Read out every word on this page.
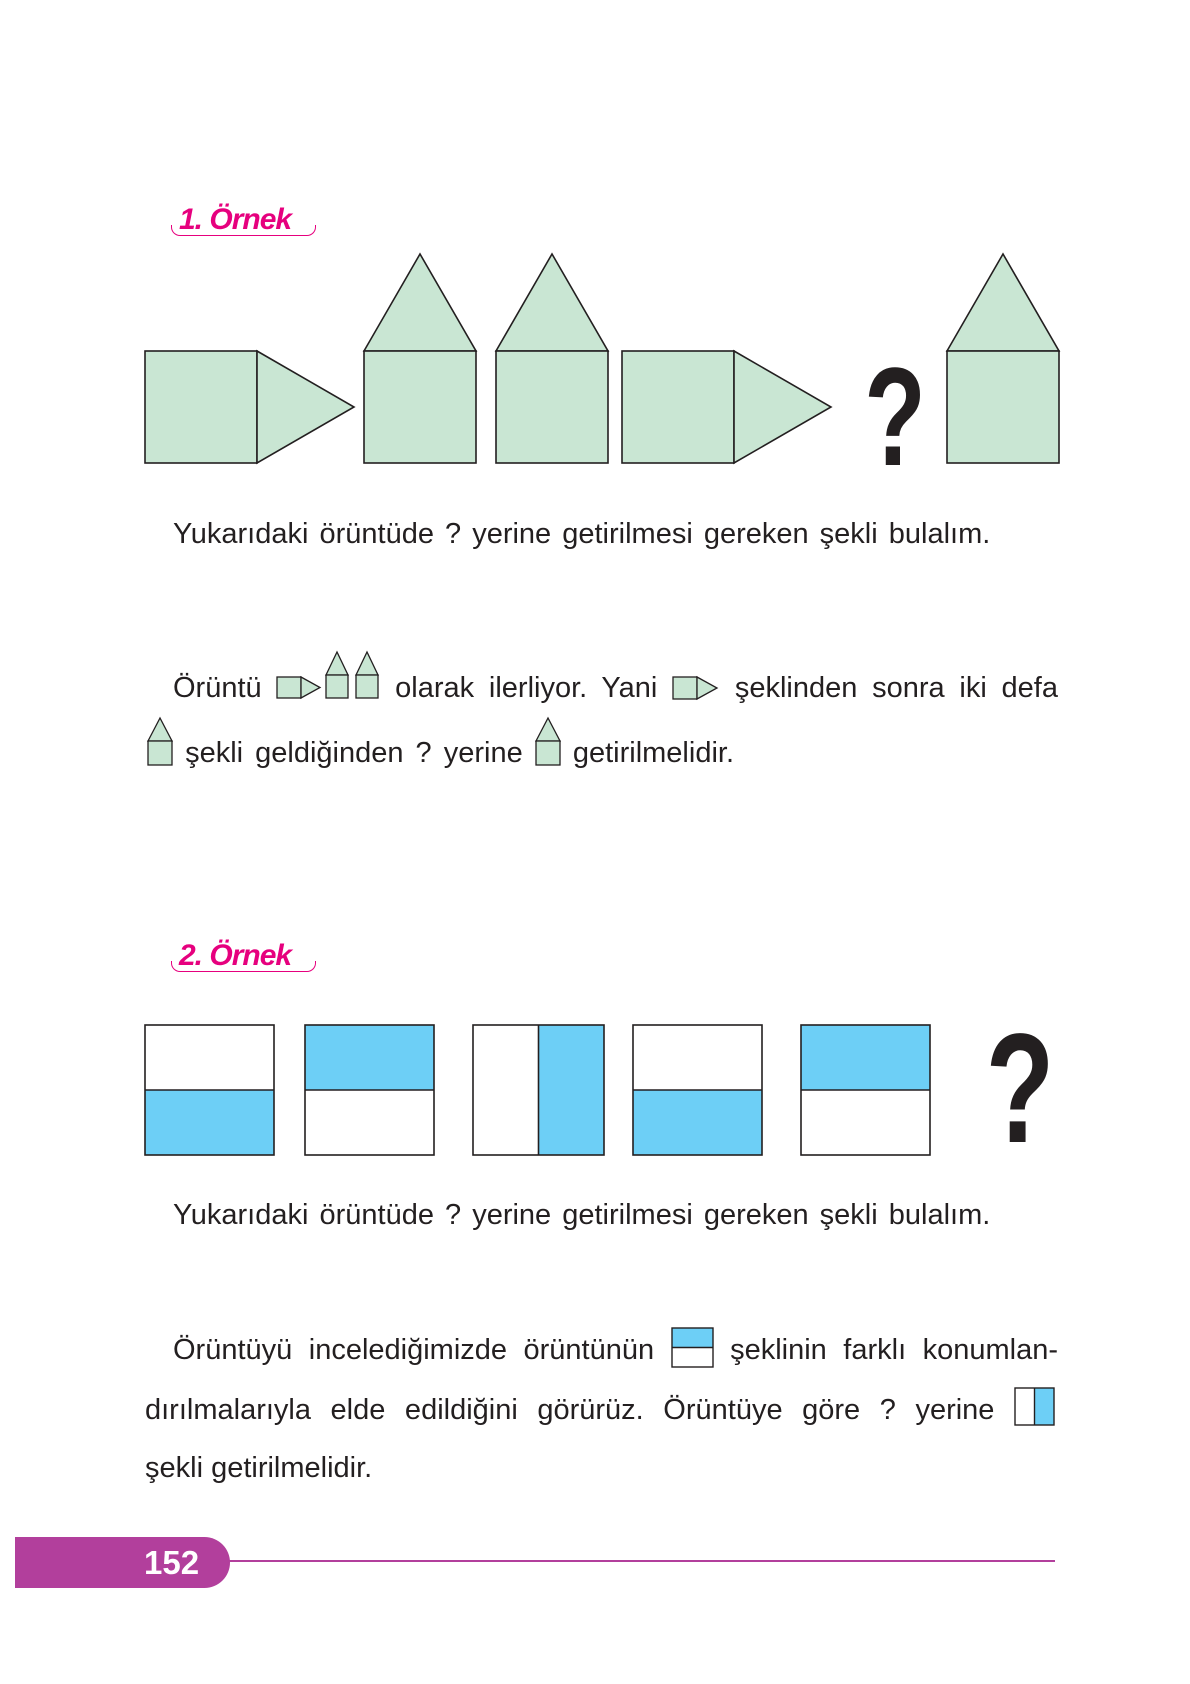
1. Örnek
?

Yukarıdaki örüntüde ? yerine getirilmesi gereken şekli bulalım.

Örüntü	olarak ilerliyor. Yani	şeklinden sonra iki defa
şekli geldiğinden ? yerine getirilmelidir.
2. Örnek
?

Yukarıdaki örüntüde ? yerine getirilmesi gereken şekli bulalım.

Örüntüyü incelediğimizde örüntünün	şeklinin farklı konumlan-
dırılmalarıyla elde edildiğini görürüz. Örüntüye göre ? yerine

şekli getirilmelidir.

152
